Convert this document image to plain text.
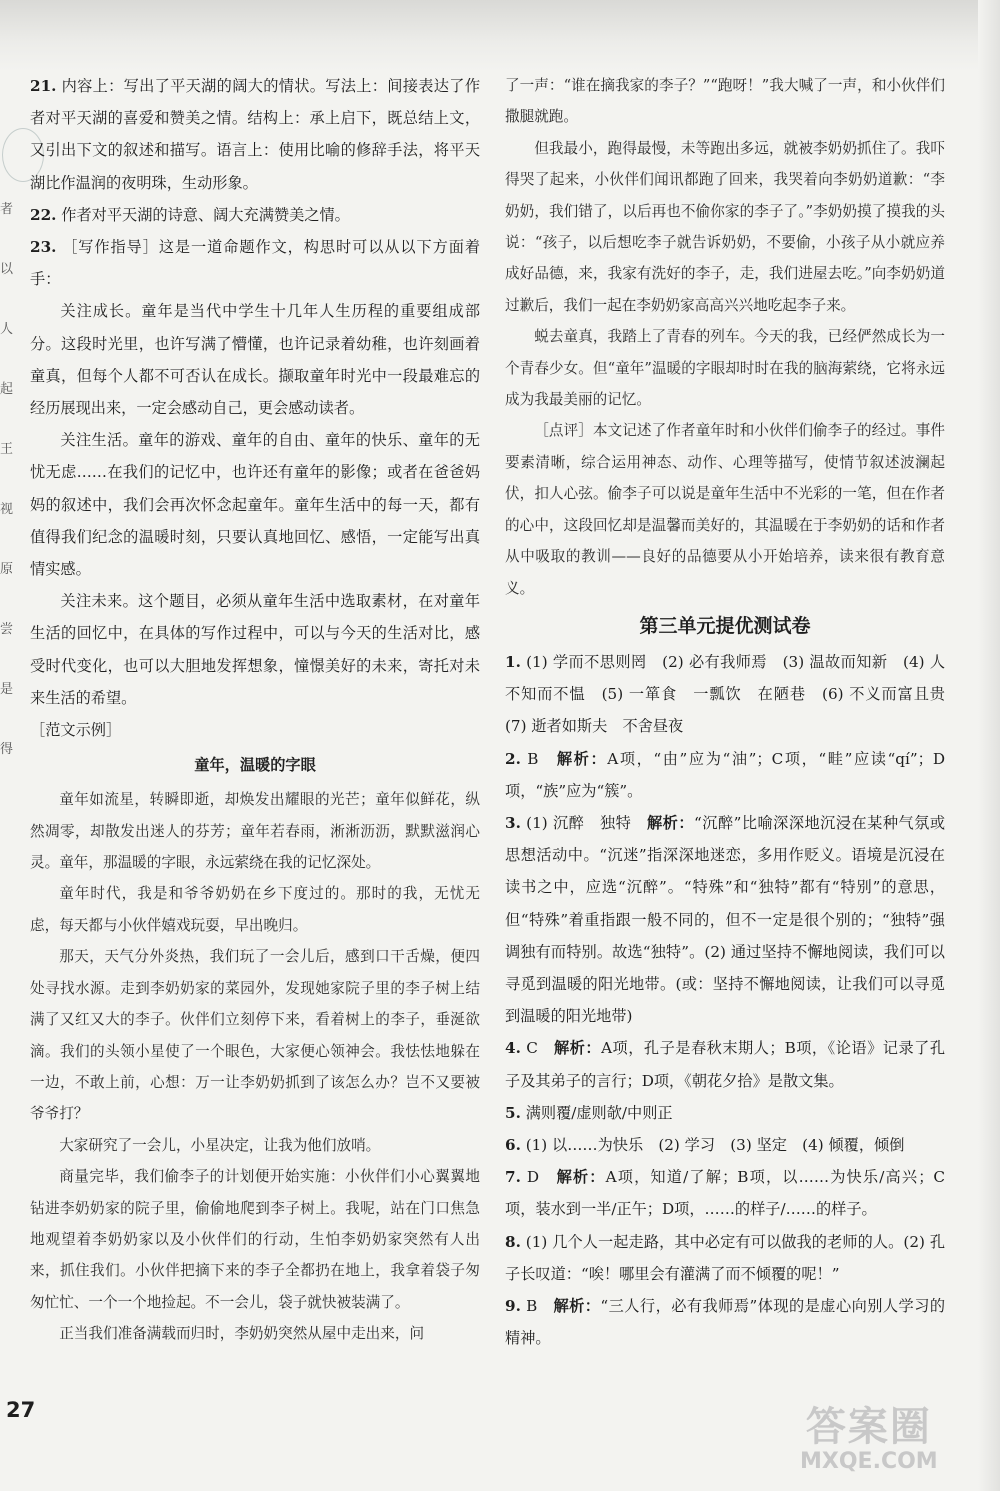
者
以
人
起
王
视
原
尝
是
得

21. 内容上：写出了平天湖的阔大的情状。写法上：间接表达了作者对平天湖的喜爱和赞美之情。结构上：承上启下，既总结上文，又引出下文的叙述和描写。语言上：使用比喻的修辞手法，将平天湖比作温润的夜明珠，生动形象。

22. 作者对平天湖的诗意、阔大充满赞美之情。

23. ［写作指导］这是一道命题作文，构思时可以从以下方面着手：

关注成长。童年是当代中学生十几年人生历程的重要组成部分。这段时光里，也许写满了懵懂，也许记录着幼稚，也许刻画着童真，但每个人都不可否认在成长。撷取童年时光中一段最难忘的经历展现出来，一定会感动自己，更会感动读者。

关注生活。童年的游戏、童年的自由、童年的快乐、童年的无忧无虑……在我们的记忆中，也许还有童年的影像；或者在爸爸妈妈的叙述中，我们会再次怀念起童年。童年生活中的每一天，都有值得我们纪念的温暖时刻，只要认真地回忆、感悟，一定能写出真情实感。

关注未来。这个题目，必须从童年生活中选取素材，在对童年生活的回忆中，在具体的写作过程中，可以与今天的生活对比，感受时代变化，也可以大胆地发挥想象，憧憬美好的未来，寄托对未来生活的希望。

［范文示例］

童年，温暖的字眼

童年如流星，转瞬即逝，却焕发出耀眼的光芒；童年似鲜花，纵然凋零，却散发出迷人的芬芳；童年若春雨，淅淅沥沥，默默滋润心灵。童年，那温暖的字眼，永远萦绕在我的记忆深处。

童年时代，我是和爷爷奶奶在乡下度过的。那时的我，无忧无虑，每天都与小伙伴嬉戏玩耍，早出晚归。

那天，天气分外炎热，我们玩了一会儿后，感到口干舌燥，便四处寻找水源。走到李奶奶家的菜园外，发现她家院子里的李子树上结满了又红又大的李子。伙伴们立刻停下来，看着树上的李子，垂涎欲滴。我们的头领小星使了一个眼色，大家便心领神会。我怯怯地躲在一边，不敢上前，心想：万一让李奶奶抓到了该怎么办？岂不又要被爷爷打？

大家研究了一会儿，小星决定，让我为他们放哨。

商量完毕，我们偷李子的计划便开始实施：小伙伴们小心翼翼地钻进李奶奶家的院子里，偷偷地爬到李子树上。我呢，站在门口焦急地观望着李奶奶家以及小伙伴们的行动，生怕李奶奶家突然有人出来，抓住我们。小伙伴把摘下来的李子全都扔在地上，我拿着袋子匆匆忙忙、一个一个地捡起。不一会儿，袋子就快被装满了。

正当我们准备满载而归时，李奶奶突然从屋中走出来，问

了一声：“谁在摘我家的李子？”“跑呀！”我大喊了一声，和小伙伴们撒腿就跑。

但我最小，跑得最慢，未等跑出多远，就被李奶奶抓住了。我吓得哭了起来，小伙伴们闻讯都跑了回来，我哭着向李奶奶道歉：“李奶奶，我们错了，以后再也不偷你家的李子了。”李奶奶摸了摸我的头说：“孩子，以后想吃李子就告诉奶奶，不要偷，小孩子从小就应养成好品德，来，我家有洗好的李子，走，我们进屋去吃。”向李奶奶道过歉后，我们一起在李奶奶家高高兴兴地吃起李子来。

蜕去童真，我踏上了青春的列车。今天的我，已经俨然成长为一个青春少女。但“童年”温暖的字眼却时时在我的脑海萦绕，它将永远成为我最美丽的记忆。

［点评］本文记述了作者童年时和小伙伴们偷李子的经过。事件要素清晰，综合运用神态、动作、心理等描写，使情节叙述波澜起伏，扣人心弦。偷李子可以说是童年生活中不光彩的一笔，但在作者的心中，这段回忆却是温馨而美好的，其温暖在于李奶奶的话和作者从中吸取的教训——良好的品德要从小开始培养，读来很有教育意义。

第三单元提优测试卷

1. (1) 学而不思则罔　(2) 必有我师焉　(3) 温故而知新　(4) 人不知而不愠　(5) 一箪食　一瓢饮　在陋巷　(6) 不义而富且贵　(7) 逝者如斯夫　不舍昼夜

2. B　 解析：A项，“由”应为“油”；C项，“畦”应读“qí”；D项，“族”应为“簇”。

3. (1) 沉醉　独特　 解析：“沉醉”比喻深深地沉浸在某种气氛或思想活动中。“沉迷”指深深地迷恋，多用作贬义。语境是沉浸在读书之中，应选“沉醉”。“特殊”和“独特”都有“特别”的意思，但“特殊”着重指跟一般不同的，但不一定是很个别的；“独特”强调独有而特别。故选“独特”。(2) 通过坚持不懈地阅读，我们可以寻觅到温暖的阳光地带。(或：坚持不懈地阅读，让我们可以寻觅到温暖的阳光地带)

4. C　 解析：A项，孔子是春秋末期人；B项，《论语》记录了孔子及其弟子的言行；D项，《朝花夕拾》是散文集。

5. 满则覆/虚则欹/中则正

6. (1) 以……为快乐　(2) 学习　(3) 坚定　(4) 倾覆，倾倒

7. D　 解析：A项，知道/了解；B项，以……为快乐/高兴；C项，装水到一半/正午；D项，……的样子/……的样子。

8. (1) 几个人一起走路，其中必定有可以做我的老师的人。(2) 孔子长叹道：“唉！哪里会有灌满了而不倾覆的呢！”

9. B　 解析：“三人行，必有我师焉”体现的是虚心向别人学习的精神。

27	答案圈
MXQE.COM
